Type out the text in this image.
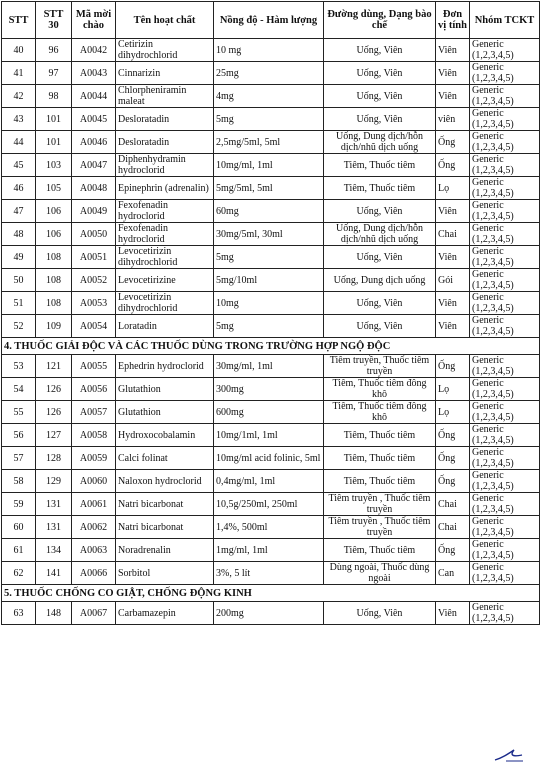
STT	STT 30	Mã mời chào	Tên hoạt chất	Nồng độ - Hàm lượng	Đường dùng, Dạng bào chế	Đơn vị tính	Nhóm TCKT
40	96	A0042	Cetirizin dihydrochlorid	10 mg	Uống, Viên	Viên	Generic (1,2,3,4,5)
41	97	A0043	Cinnarizin	25mg	Uống, Viên	Viên	Generic (1,2,3,4,5)
42	98	A0044	Chlorpheniramin maleat	4mg	Uống, Viên	Viên	Generic (1,2,3,4,5)
43	101	A0045	Desloratadin	5mg	Uống, Viên	viên	Generic (1,2,3,4,5)
44	101	A0046	Desloratadin	2,5mg/5ml, 5ml	Uống, Dung dịch/hỗn dịch/nhũ dịch uống	Ống	Generic (1,2,3,4,5)
45	103	A0047	Diphenhydramin hydroclorid	10mg/ml, 1ml	Tiêm, Thuốc tiêm	Ống	Generic (1,2,3,4,5)
46	105	A0048	Epinephrin (adrenalin)	5mg/5ml, 5ml	Tiêm, Thuốc tiêm	Lọ	Generic (1,2,3,4,5)
47	106	A0049	Fexofenadin hydroclorid	60mg	Uống, Viên	Viên	Generic (1,2,3,4,5)
48	106	A0050	Fexofenadin hydroclorid	30mg/5ml, 30ml	Uống, Dung dịch/hỗn dịch/nhũ dịch uống	Chai	Generic (1,2,3,4,5)
49	108	A0051	Levocetirizin dihydrochlorid	5mg	Uống, Viên	Viên	Generic (1,2,3,4,5)
50	108	A0052	Levocetirizine	5mg/10ml	Uống, Dung dịch uống	Gói	Generic (1,2,3,4,5)
51	108	A0053	Levocetirizin dihydrochlorid	10mg	Uống, Viên	Viên	Generic (1,2,3,4,5)
52	109	A0054	Loratadin	5mg	Uống, Viên	Viên	Generic (1,2,3,4,5)
4. THUỐC GIẢI ĐỘC VÀ CÁC THUỐC DÙNG TRONG TRƯỜNG HỢP NGỘ ĐỘC							
53	121	A0055	Ephedrin hydroclorid	30mg/ml, 1ml	Tiêm truyền, Thuốc tiêm truyền	Ống	Generic (1,2,3,4,5)
54	126	A0056	Glutathion	300mg	Tiêm, Thuốc tiêm đông khô	Lọ	Generic (1,2,3,4,5)
55	126	A0057	Glutathion	600mg	Tiêm, Thuốc tiêm đông khô	Lọ	Generic (1,2,3,4,5)
56	127	A0058	Hydroxocobalamin	10mg/1ml, 1ml	Tiêm, Thuốc tiêm	Ống	Generic (1,2,3,4,5)
57	128	A0059	Calci folinat	10mg/ml acid folinic, 5ml	Tiêm, Thuốc tiêm	Ống	Generic (1,2,3,4,5)
58	129	A0060	Naloxon hydroclorid	0,4mg/ml, 1ml	Tiêm, Thuốc tiêm	Ống	Generic (1,2,3,4,5)
59	131	A0061	Natri bicarbonat	10,5g/250ml, 250ml	Tiêm truyền , Thuốc tiêm truyền	Chai	Generic (1,2,3,4,5)
60	131	A0062	Natri bicarbonat	1,4%, 500ml	Tiêm truyền , Thuốc tiêm truyền	Chai	Generic (1,2,3,4,5)
61	134	A0063	Noradrenalin	1mg/ml, 1ml	Tiêm, Thuốc tiêm	Ống	Generic (1,2,3,4,5)
62	141	A0066	Sorbitol	3%, 5 lít	Dùng ngoài, Thuốc dùng ngoài	Can	Generic (1,2,3,4,5)
5. THUỐC CHỐNG CO GIẬT, CHỐNG ĐỘNG KINH							
63	148	A0067	Carbamazepin	200mg	Uống, Viên	Viên	Generic (1,2,3,4,5)
